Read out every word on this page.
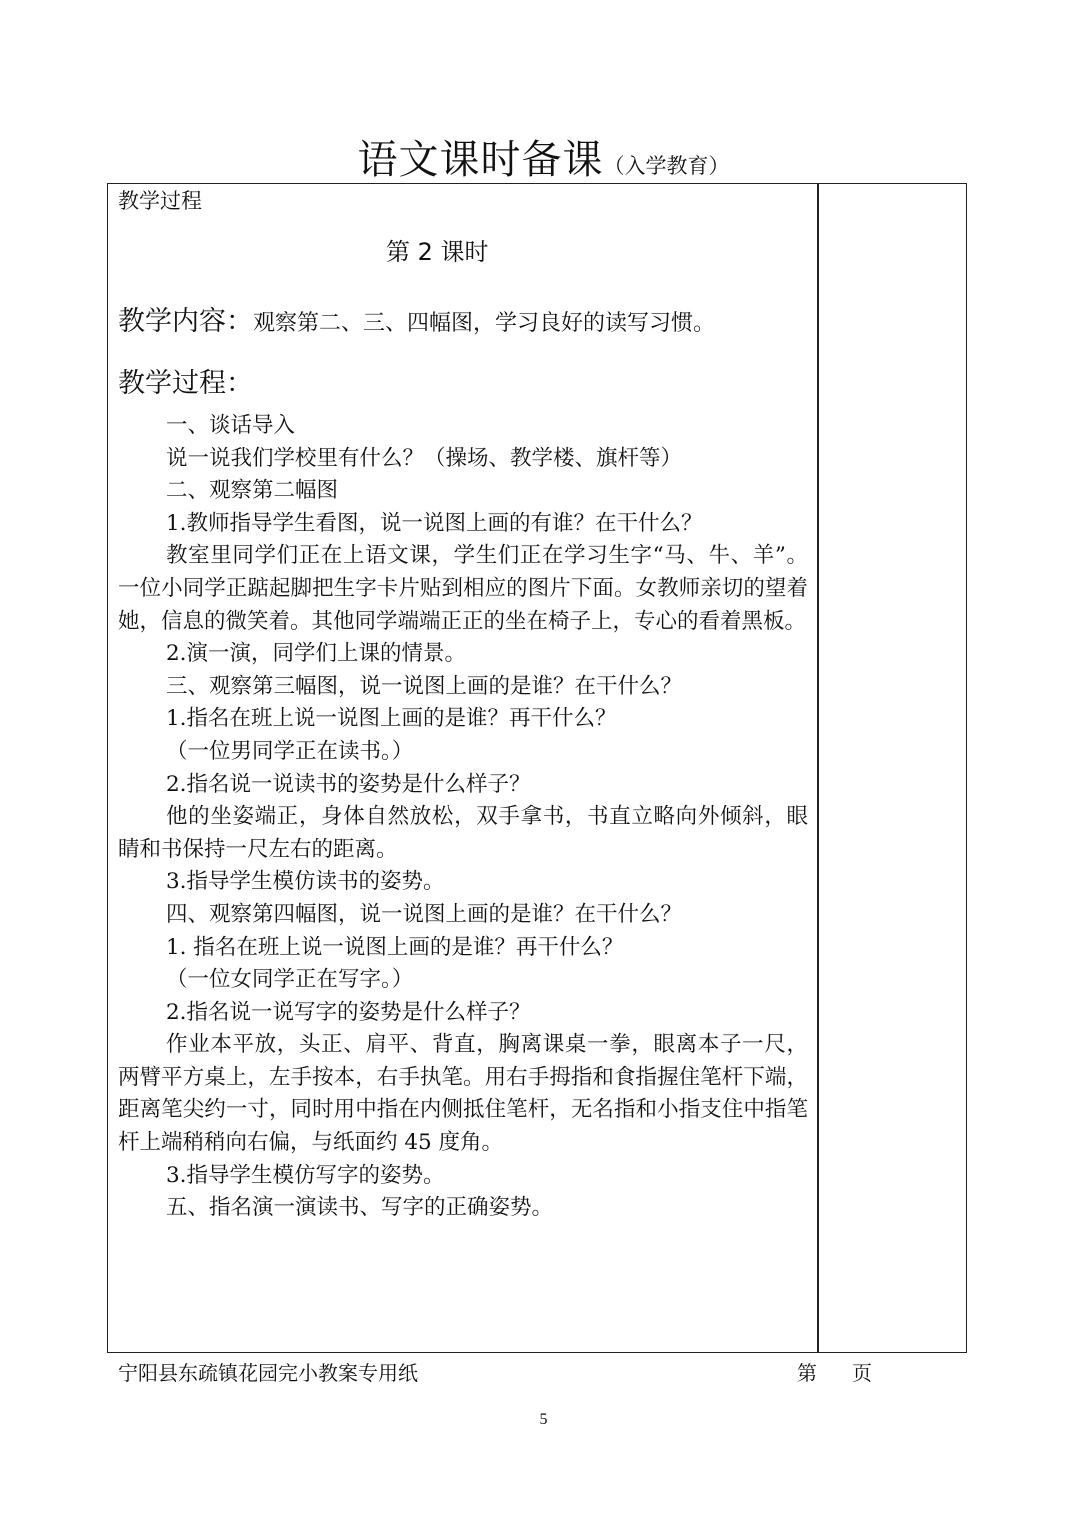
语文课时备课（入学教育）

教学过程

第 2 课时

教学内容：观察第二、三、四幅图，学习良好的读写习惯。
教学过程：

一、谈话导入

说一说我们学校里有什么？（操场、教学楼、旗杆等）

二、观察第二幅图

1.教师指导学生看图，说一说图上画的有谁？在干什么？

教室里同学们正在上语文课，学生们正在学习生字“马、牛、羊”。一位小同学正踮起脚把生字卡片贴到相应的图片下面。女教师亲切的望着她，信息的微笑着。其他同学端端正正的坐在椅子上，专心的看着黑板。

2.演一演，同学们上课的情景。

三、观察第三幅图，说一说图上画的是谁？在干什么？

1.指名在班上说一说图上画的是谁？再干什么？

（一位男同学正在读书。）

2.指名说一说读书的姿势是什么样子？

他的坐姿端正，身体自然放松，双手拿书，书直立略向外倾斜，眼睛和书保持一尺左右的距离。

3.指导学生模仿读书的姿势。

四、观察第四幅图，说一说图上画的是谁？在干什么？

1. 指名在班上说一说图上画的是谁？再干什么？

（一位女同学正在写字。）

2.指名说一说写字的姿势是什么样子？

作业本平放，头正、肩平、背直，胸离课桌一拳，眼离本子一尺，两臂平方桌上，左手按本，右手执笔。用右手拇指和食指握住笔杆下端，距离笔尖约一寸，同时用中指在内侧抵住笔杆，无名指和小指支住中指笔杆上端稍稍向右偏，与纸面约 45 度角。

3.指导学生模仿写字的姿势。

五、指名演一演读书、写字的正确姿势。

宁阳县东疏镇花园完小教案专用纸	第 页
5
